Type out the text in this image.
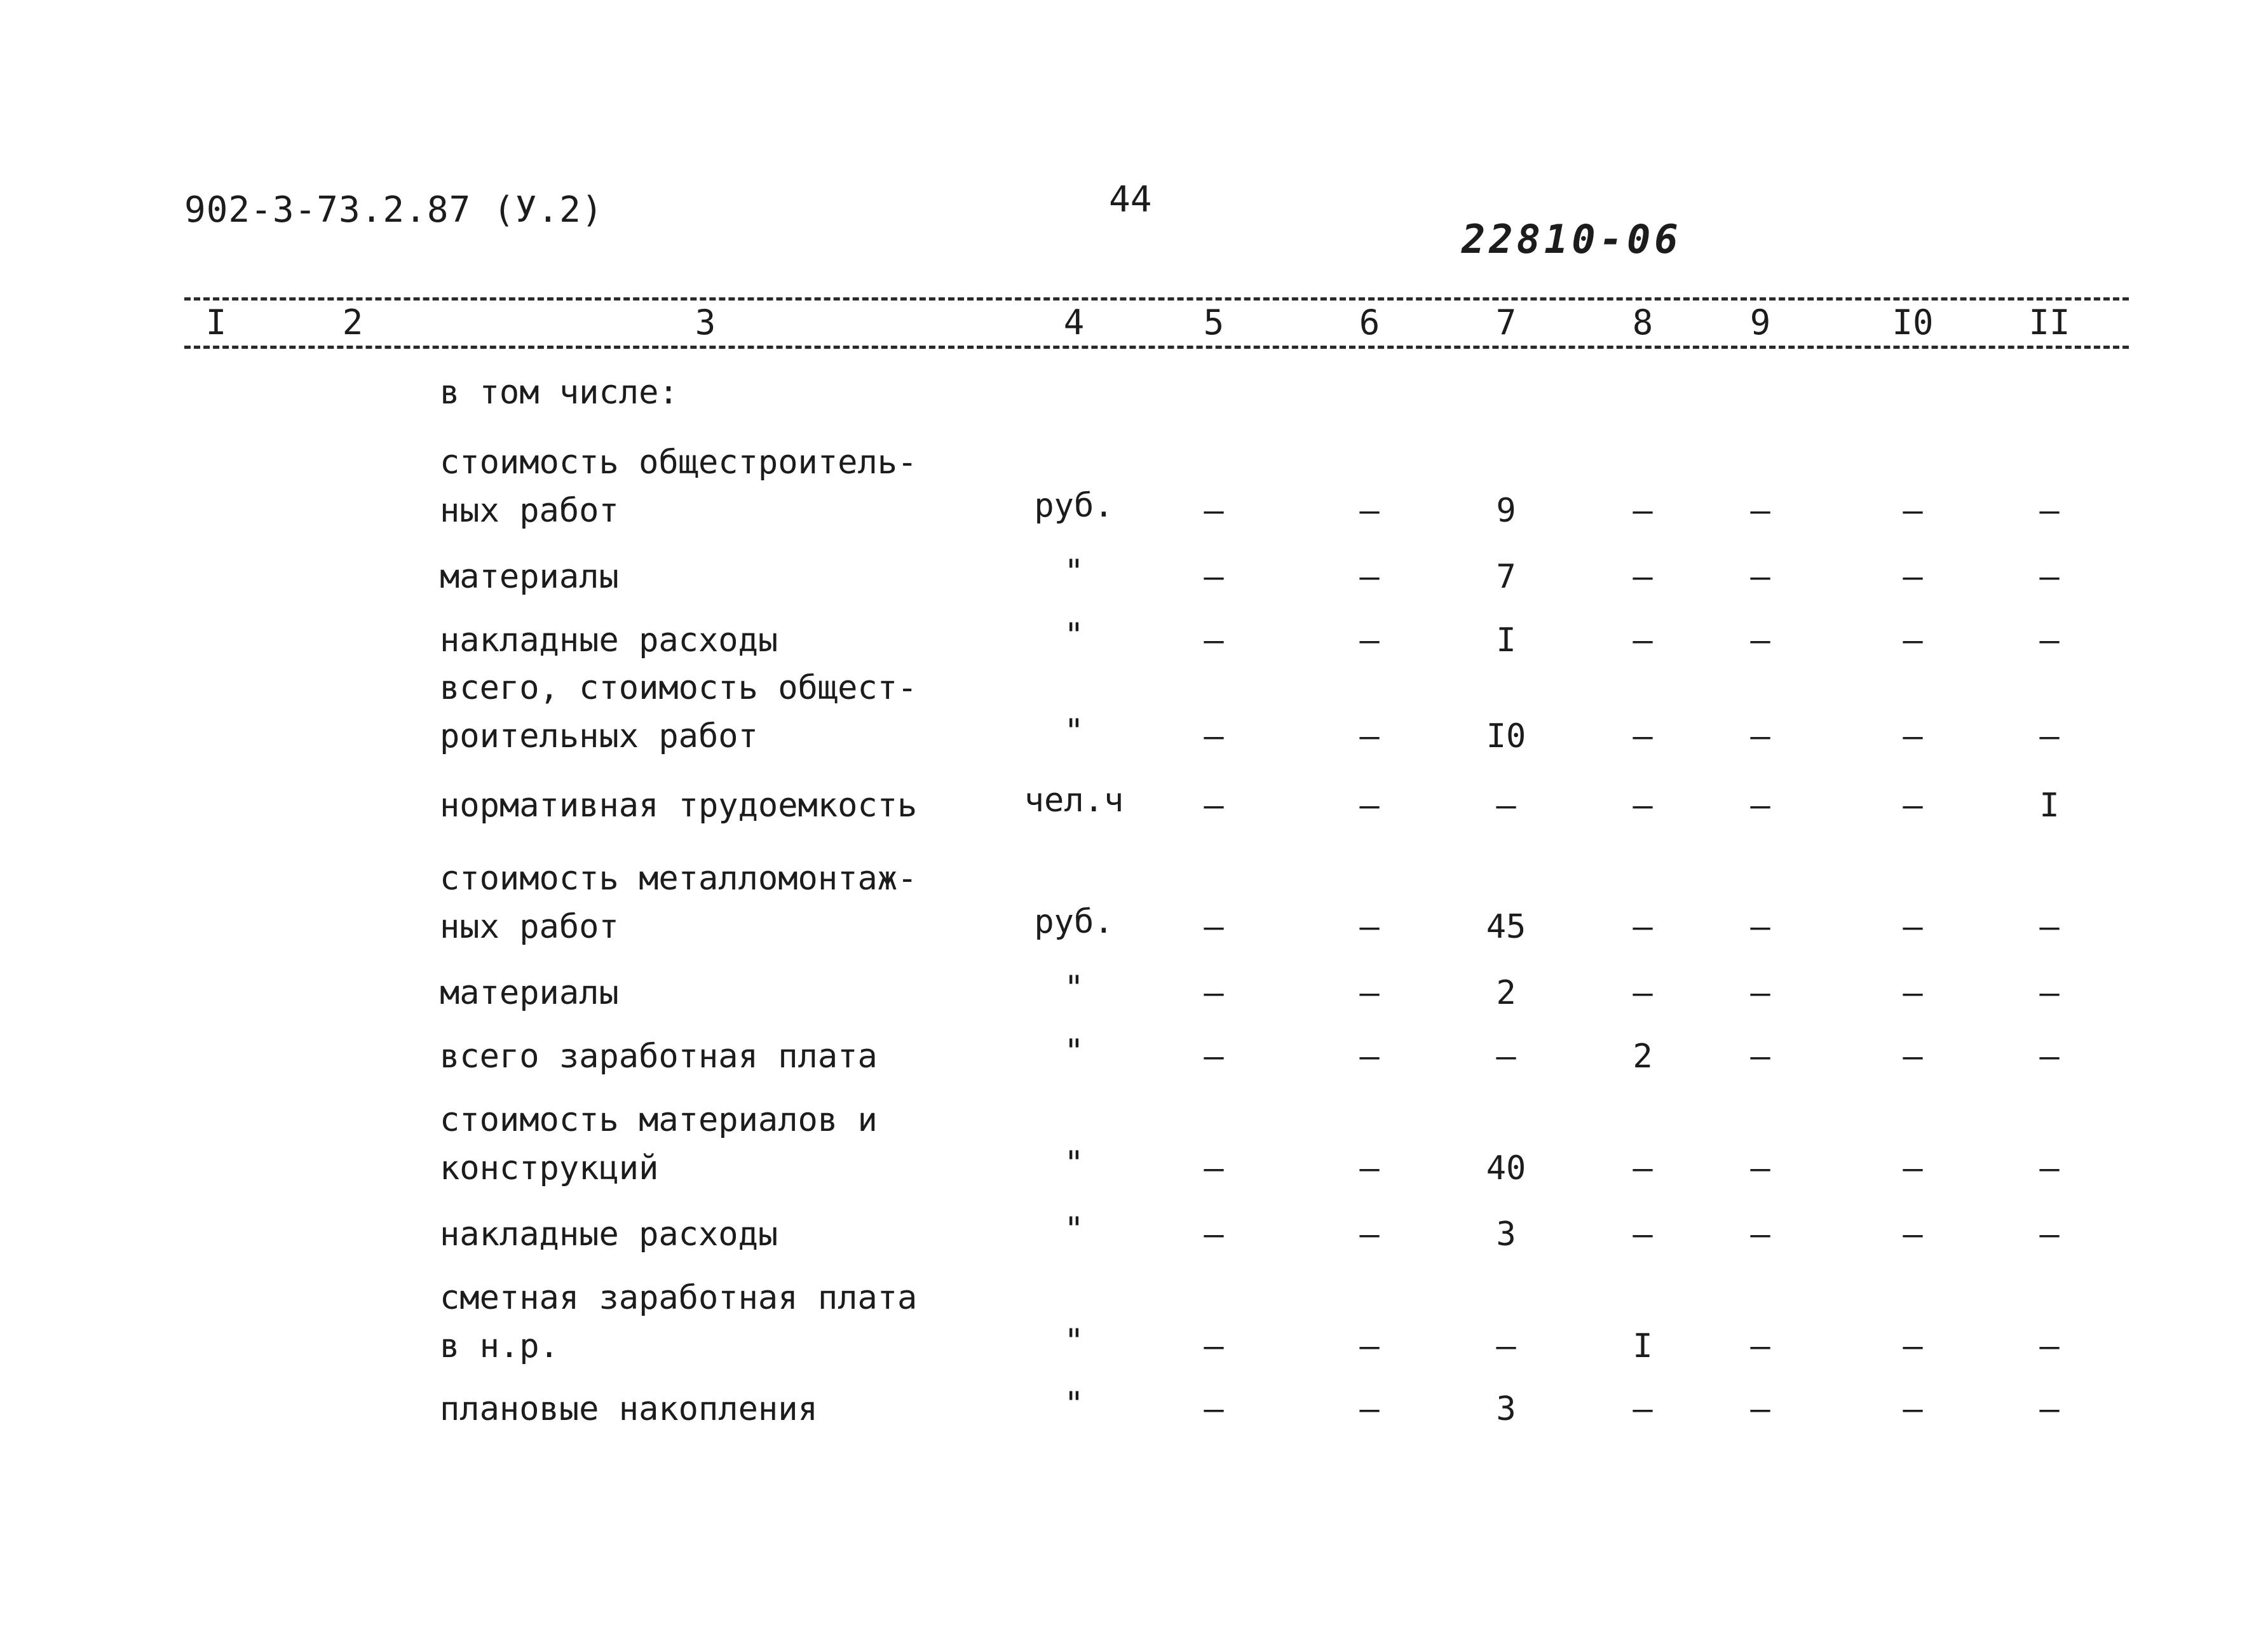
902-3-73.2.87 (У.2)	44
22810-06
I	2	3	4	5	6	7	8	9	I0	II
в том числе:
стоимость общестроитель-
ных работ	руб.	–	–	9	–	–	–	–
материалы	"	–	–	7	–	–	–	–
накладные расходы	"	–	–	I	–	–	–	–
всего, стоимость общест-
роительных работ	"	–	–	I0	–	–	–	–
нормативная трудоемкость	чел.ч	–	–	–	–	–	–	I
стоимость металломонтаж-
ных работ	руб.	–	–	45	–	–	–	–
материалы	"	–	–	2	–	–	–	–
всего заработная плата	"	–	–	–	2	–	–	–
стоимость материалов и
конструкций	"	–	–	40	–	–	–	–
накладные расходы	"	–	–	3	–	–	–	–
сметная заработная плата
в н.р.	"	–	–	–	I	–	–	–
плановые накопления	"	–	–	3	–	–	–	–
